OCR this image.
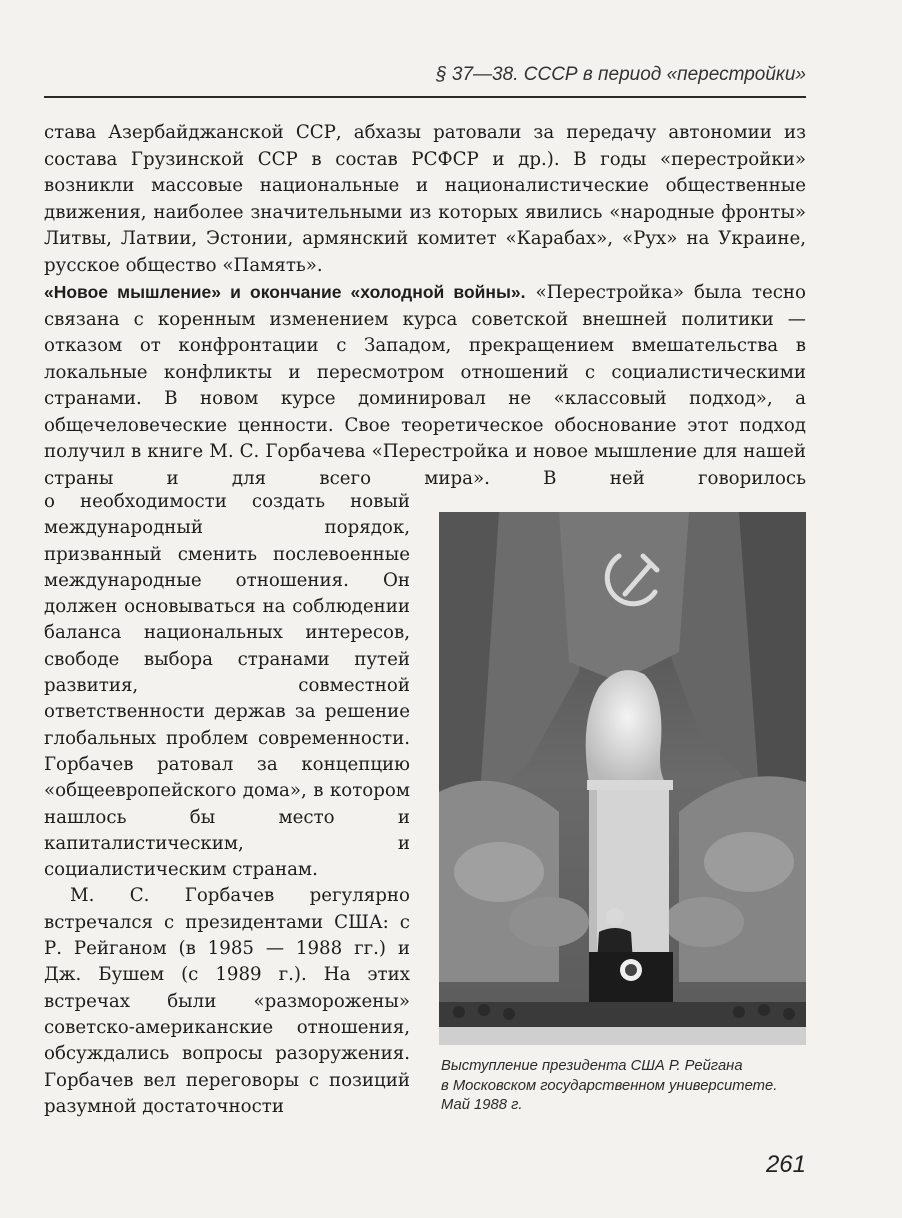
§ 37—38. СССР в период «перестройки»

става Азербайджанской ССР, абхазы ратовали за передачу автономии из состава Грузинской ССР в состав РСФСР и др.). В годы «перестройки» возникли массовые национальные и националистические общественные движения, наиболее значительными из которых явились «народные фронты» Литвы, Латвии, Эстонии, армянский комитет «Карабах», «Рух» на Украине, русское общество «Память».

«Новое мышление» и окончание «холодной войны». «Перестройка» была тесно связана с коренным изменением курса советской внешней политики — отказом от конфронтации с Западом, прекращением вмешательства в локальные конфликты и пересмотром отношений с социалистическими странами. В новом курсе доминировал не «классовый подход», а общечеловеческие ценности. Свое теоретическое обоснование этот подход получил в книге М. С. Горбачева «Перестройка и новое мышление для нашей страны и для всего мира». В ней говорилось

о необходимости создать новый международный порядок, призванный сменить послевоенные международные отношения. Он должен основываться на соблюдении баланса национальных интересов, свободе выбора странами путей развития, совместной ответственности держав за решение глобальных проблем современности. Горбачев ратовал за концепцию «общеевропейского дома», в котором нашлось бы место и капиталистическим, и социалистическим странам.

М. С. Горбачев регулярно встречался с президентами США: с Р. Рейганом (в 1985 — 1988 гг.) и Дж. Бушем (с 1989 г.). На этих встречах были «разморожены» советско-американские отношения, обсуждались вопросы разоружения. Горбачев вел переговоры с позиций разумной достаточности

Выступление президента США Р. Рейгана
в Московском государственном университете.
Май 1988 г.
261
